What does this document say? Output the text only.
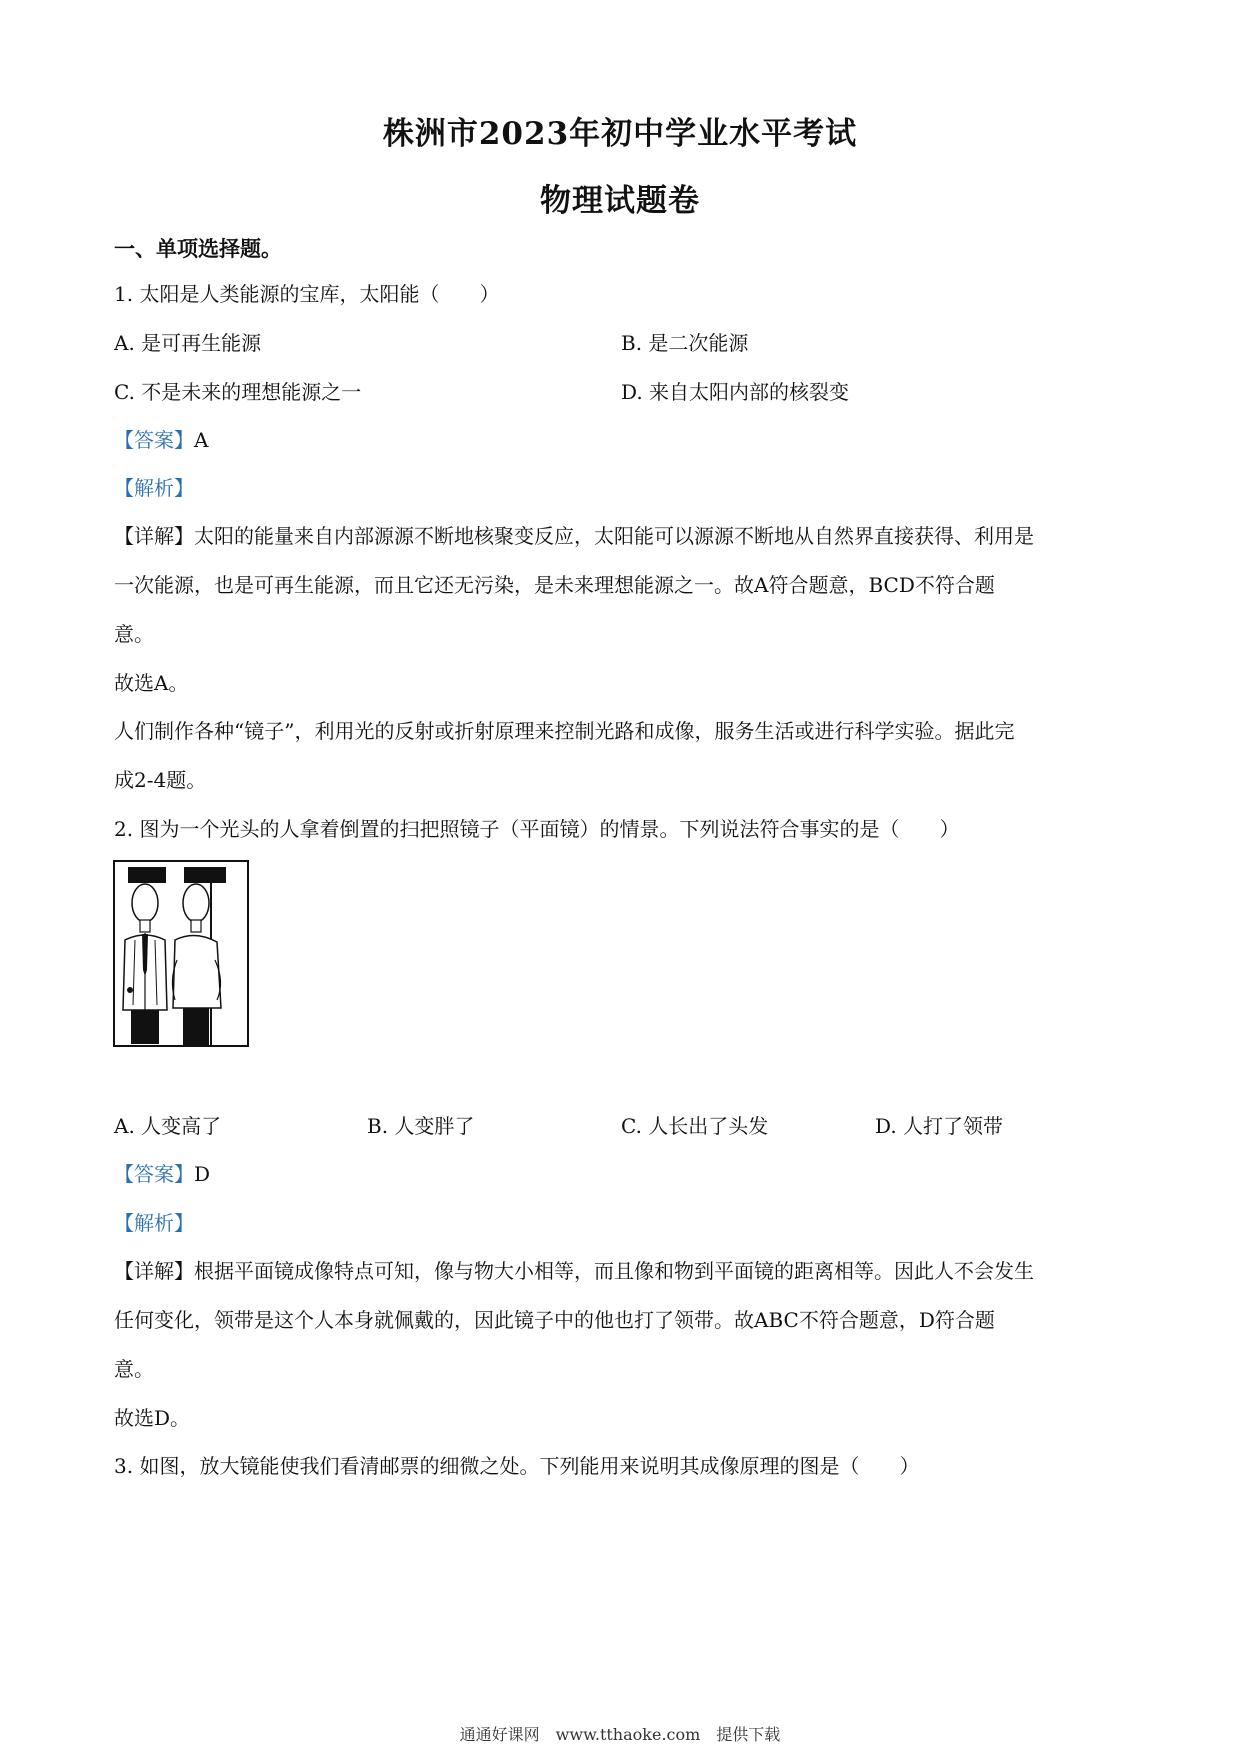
株洲市2023年初中学业水平考试
物理试题卷
一、单项选择题。
1. 太阳是人类能源的宝库，太阳能（　　）
A. 是可再生能源	B. 是二次能源
C. 不是未来的理想能源之一	D. 来自太阳内部的核裂变
【答案】A
【解析】
【详解】太阳的能量来自内部源源不断地核聚变反应，太阳能可以源源不断地从自然界直接获得、利用是
一次能源，也是可再生能源，而且它还无污染，是未来理想能源之一。故A符合题意，BCD不符合题
意。
故选A。
人们制作各种“镜子”，利用光的反射或折射原理来控制光路和成像，服务生活或进行科学实验。据此完
成2-4题。
2. 图为一个光头的人拿着倒置的扫把照镜子（平面镜）的情景。下列说法符合事实的是（　　）
A. 人变高了	B. 人变胖了	C. 人长出了头发	D. 人打了领带
【答案】D
【解析】
【详解】根据平面镜成像特点可知，像与物大小相等，而且像和物到平面镜的距离相等。因此人不会发生
任何变化，领带是这个人本身就佩戴的，因此镜子中的他也打了领带。故ABC不符合题意，D符合题
意。
故选D。
3. 如图，放大镜能使我们看清邮票的细微之处。下列能用来说明其成像原理的图是（　　）
通通好课网　www.tthaoke.com　提供下载
